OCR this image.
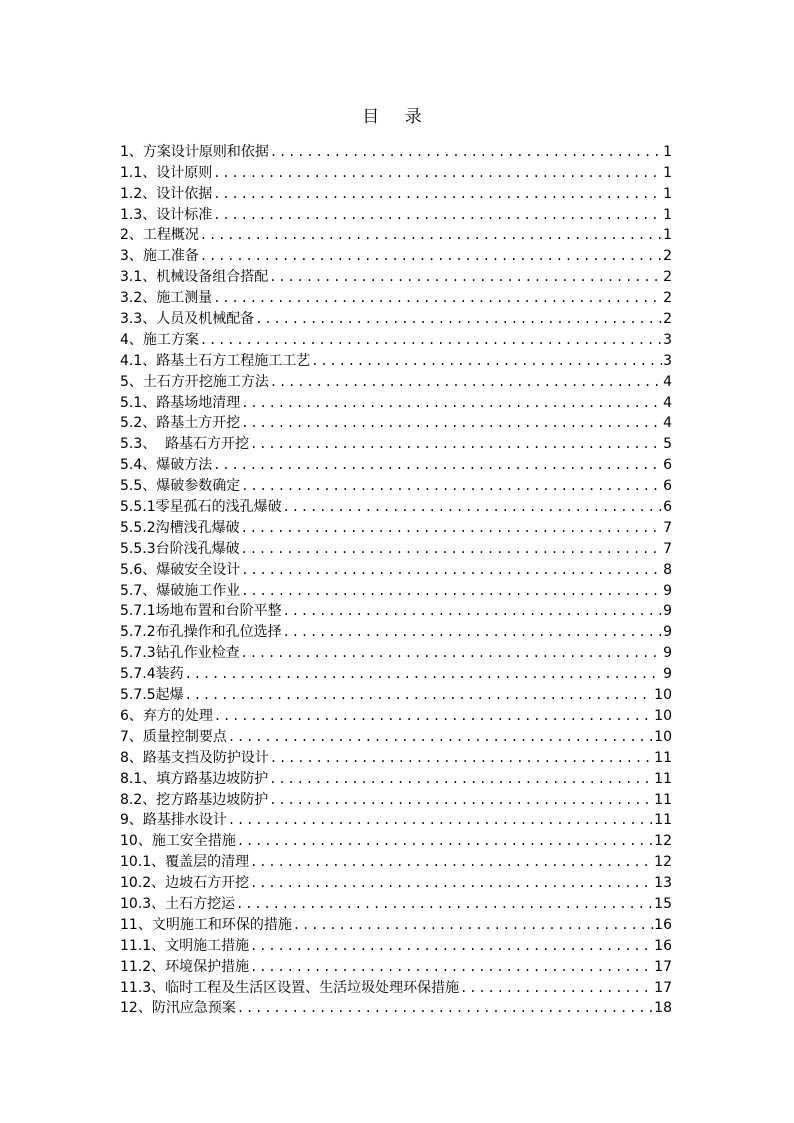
目 录
1、方案设计原则和依据 .....	1
1.1、设计原则 .....	1
1.2、设计依据 .....	1
1.3、设计标准 .....	1
2、工程概况 .....	1
3、施工准备 .....	2
3.1、机械设备组合搭配 .....	2
3.2、施工测量 .....	2
3.3、人员及机械配备 .....	2
4、施工方案 .....	3
4.1、路基土石方工程施工工艺 .....	3
5、土石方开挖施工方法 .....	4
5.1、路基场地清理 .....	4
5.2、路基土方开挖 .....	4
5.3、  路基石方开挖 .....	5
5.4、爆破方法 .....	6
5.5、爆破参数确定 .....	6
5.5.1零星孤石的浅孔爆破 .....	6
5.5.2沟槽浅孔爆破 .....	7
5.5.3台阶浅孔爆破 .....	7
5.6、爆破安全设计 .....	8
5.7、爆破施工作业 .....	9
5.7.1场地布置和台阶平整 .....	9
5.7.2布孔操作和孔位选择 .....	9
5.7.3钻孔作业检查 .....	9
5.7.4装药 .....	9
5.7.5起爆 .....	10
6、弃方的处理 .....	10
7、质量控制要点 .....	10
8、路基支挡及防护设计 .....	11
8.1、填方路基边坡防护 .....	11
8.2、挖方路基边坡防护 .....	11
9、路基排水设计 .....	11
10、施工安全措施 .....	12
10.1、覆盖层的清理 .....	12
10.2、边坡石方开挖 .....	13
10.3、土石方挖运 .....	15
11、文明施工和环保的措施 .....	16
11.1、文明施工措施 .....	16
11.2、环境保护措施 .....	17
11.3、临时工程及生活区设置、生活垃圾处理环保措施 .....	17
12、防汛应急预案 .....	18
